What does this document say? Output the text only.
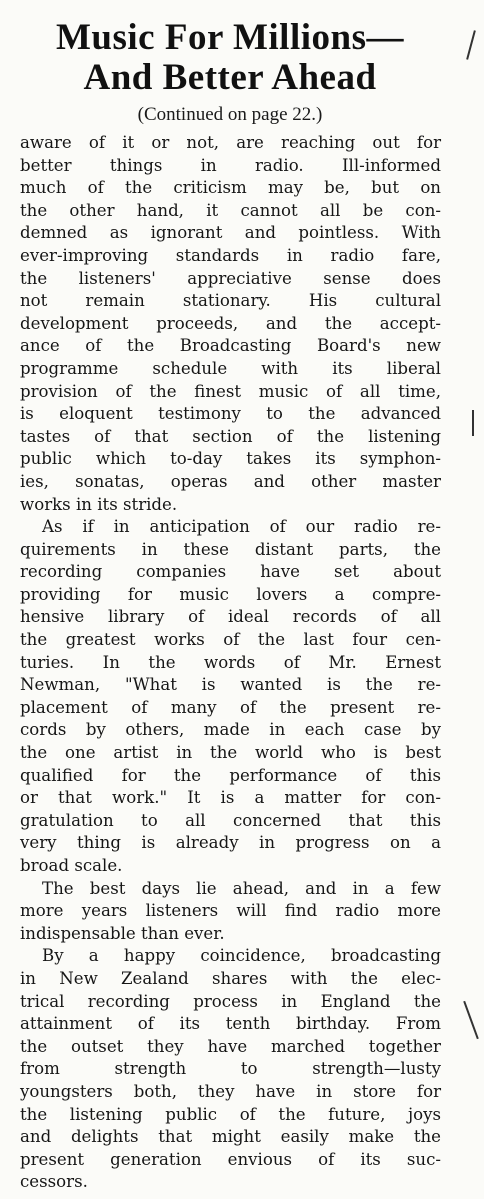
Music For Millions—
And Better Ahead
(Continued on page 22.)
aware of it or not, are reaching out for
better things in radio. Ill-informed
much of the criticism may be, but on
the other hand, it cannot all be con-
demned as ignorant and pointless. With
ever-improving standards in radio fare,
the listeners' appreciative sense does
not remain stationary. His cultural
development proceeds, and the accept-
ance of the Broadcasting Board's new
programme schedule with its liberal
provision of the finest music of all time,
is eloquent testimony to the advanced
tastes of that section of the listening
public which to-day takes its symphon-
ies, sonatas, operas and other master
works in its stride.
As if in anticipation of our radio re-
quirements in these distant parts, the
recording companies have set about
providing for music lovers a compre-
hensive library of ideal records of all
the greatest works of the last four cen-
turies. In the words of Mr. Ernest
Newman, "What is wanted is the re-
placement of many of the present re-
cords by others, made in each case by
the one artist in the world who is best
qualified for the performance of this
or that work." It is a matter for con-
gratulation to all concerned that this
very thing is already in progress on a
broad scale.
The best days lie ahead, and in a few
more years listeners will find radio more
indispensable than ever.
By a happy coincidence, broadcasting
in New Zealand shares with the elec-
trical recording process in England the
attainment of its tenth birthday. From
the outset they have marched together
from strength to strength—lusty
youngsters both, they have in store for
the listening public of the future, joys
and delights that might easily make the
present generation envious of its suc-
cessors.
